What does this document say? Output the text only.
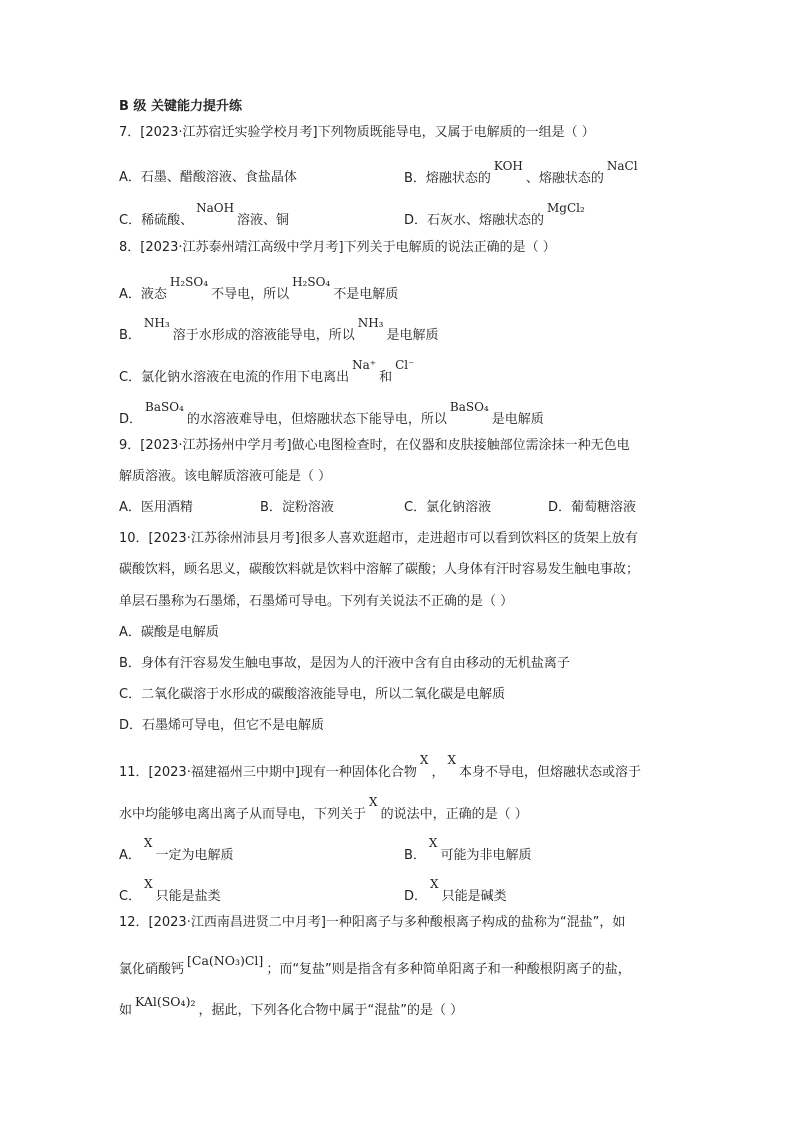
B 级 关键能力提升练
7．[2023·江苏宿迁实验学校月考]下列物质既能导电，又属于电解质的一组是（ ）
A．石墨、醋酸溶液、食盐晶体	B．熔融状态的KOH、熔融状态的NaCl
C．稀硫酸、NaOH溶液、铜	D．石灰水、熔融状态的MgCl₂
8．[2023·江苏泰州靖江高级中学月考]下列关于电解质的说法正确的是（ ）
A．液态H₂SO₄不导电，所以H₂SO₄不是电解质
B．NH₃溶于水形成的溶液能导电，所以NH₃是电解质
C．氯化钠水溶液在电流的作用下电离出Na⁺和Cl⁻
D．BaSO₄的水溶液难导电，但熔融状态下能导电，所以BaSO₄是电解质
9．[2023·江苏扬州中学月考]做心电图检查时，在仪器和皮肤接触部位需涂抹一种无色电
解质溶液。该电解质溶液可能是（ ）
A．医用酒精	B．淀粉溶液	C．氯化钠溶液	D．葡萄糖溶液
10．[2023·江苏徐州沛县月考]很多人喜欢逛超市，走进超市可以看到饮料区的货架上放有
碳酸饮料，顾名思义，碳酸饮料就是饮料中溶解了碳酸；人身体有汗时容易发生触电事故；
单层石墨称为石墨烯，石墨烯可导电。下列有关说法不正确的是（ ）
A．碳酸是电解质
B．身体有汗容易发生触电事故，是因为人的汗液中含有自由移动的无机盐离子
C．二氧化碳溶于水形成的碳酸溶液能导电，所以二氧化碳是电解质
D．石墨烯可导电，但它不是电解质
11．[2023·福建福州三中期中]现有一种固体化合物X，X本身不导电，但熔融状态或溶于
水中均能够电离出离子从而导电，下列关于X的说法中，正确的是（ ）
A．X一定为电解质	B．X可能为非电解质
C．X只能是盐类	D．X只能是碱类
12．[2023·江西南昌进贤二中月考]一种阳离子与多种酸根离子构成的盐称为“混盐”，如
氯化硝酸钙[Ca(NO₃)Cl]；而“复盐”则是指含有多种简单阳离子和一种酸根阴离子的盐，
如KAl(SO₄)₂，据此，下列各化合物中属于“混盐”的是（ ）
